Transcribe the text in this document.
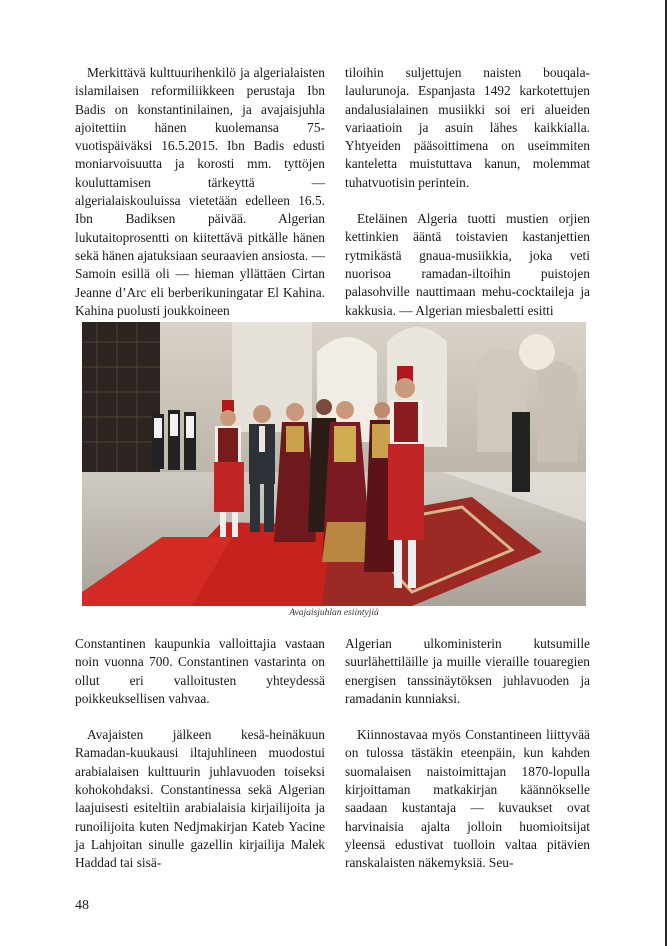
Merkittävä kulttuurihenkilö ja algerialaisten islamilaisen reformiliikkeen perustaja Ibn Badis on konstantinilainen, ja avajaisjuhla ajoitettiin hänen kuolemansa 75-vuotispäiväksi 16.5.2015. Ibn Badis edusti moniarvoisuutta ja korosti mm. tyttöjen kouluttamisen tärkeyttä — algerialaiskouluissa vietetään edelleen 16.5. Ibn Badiksen päivää. Algerian lukutaitoprosentti on kiitettävä pitkälle hänen sekä hänen ajatuksiaan seuraavien ansiosta. — Samoin esillä oli — hieman yllättäen Cirtan Jeanne d’Arc eli berberikuningatar El Kahina. Kahina puolusti joukkoineen

tiloihin suljettujen naisten bouqala-laulurunoja. Espanjasta 1492 karkotettujen andalusialainen musiikki soi eri alueiden variaatioin ja asuin lähes kaikkialla. Yhtyeiden pääsoittimena on useimmiten kanteletta muistuttava kanun, molemmat tuhatvuotisin perintein.

Eteläinen Algeria tuotti mustien orjien kettinkien ääntä toistavien kastanjettien rytmikästä gnaua-musiikkia, joka veti nuorisoa ramadan-iltoihin puistojen palasohville nauttimaan mehu-cocktaileja ja kakkusia. — Algerian miesbaletti esitti

Avajaisjuhlan esiintyjiä

Constantinen kaupunkia valloittajia vastaan noin vuonna 700. Constantinen vastarinta on ollut eri valloitusten yhteydessä poikkeuksellisen vahvaa.

Avajaisten jälkeen kesä-heinäkuun Ramadan-kuukausi iltajuhlineen muodostui arabialaisen kulttuurin juhlavuoden toiseksi kohokohdaksi. Constantinessa sekä Algerian laajuisesti esiteltiin arabialaisia kirjailijoita ja runoilijoita kuten Nedjmakirjan Kateb Yacine ja Lahjoitan sinulle gazellin kirjailija Malek Haddad tai sisä-

Algerian ulkoministerin kutsumille suurlähettiläille ja muille vieraille touaregien energisen tanssinäytöksen juhlavuoden ja ramadanin kunniaksi.

Kiinnostavaa myös Constantineen liittyvää on tulossa tästäkin eteenpäin, kun kahden suomalaisen naistoimittajan 1870-lopulla kirjoittaman matkakirjan käännökselle saadaan kustantaja — kuvaukset ovat harvinaisia ajalta jolloin huomioitsijat yleensä edustivat tuolloin valtaa pitävien ranskalaisten näkemyksiä. Seu-

48
